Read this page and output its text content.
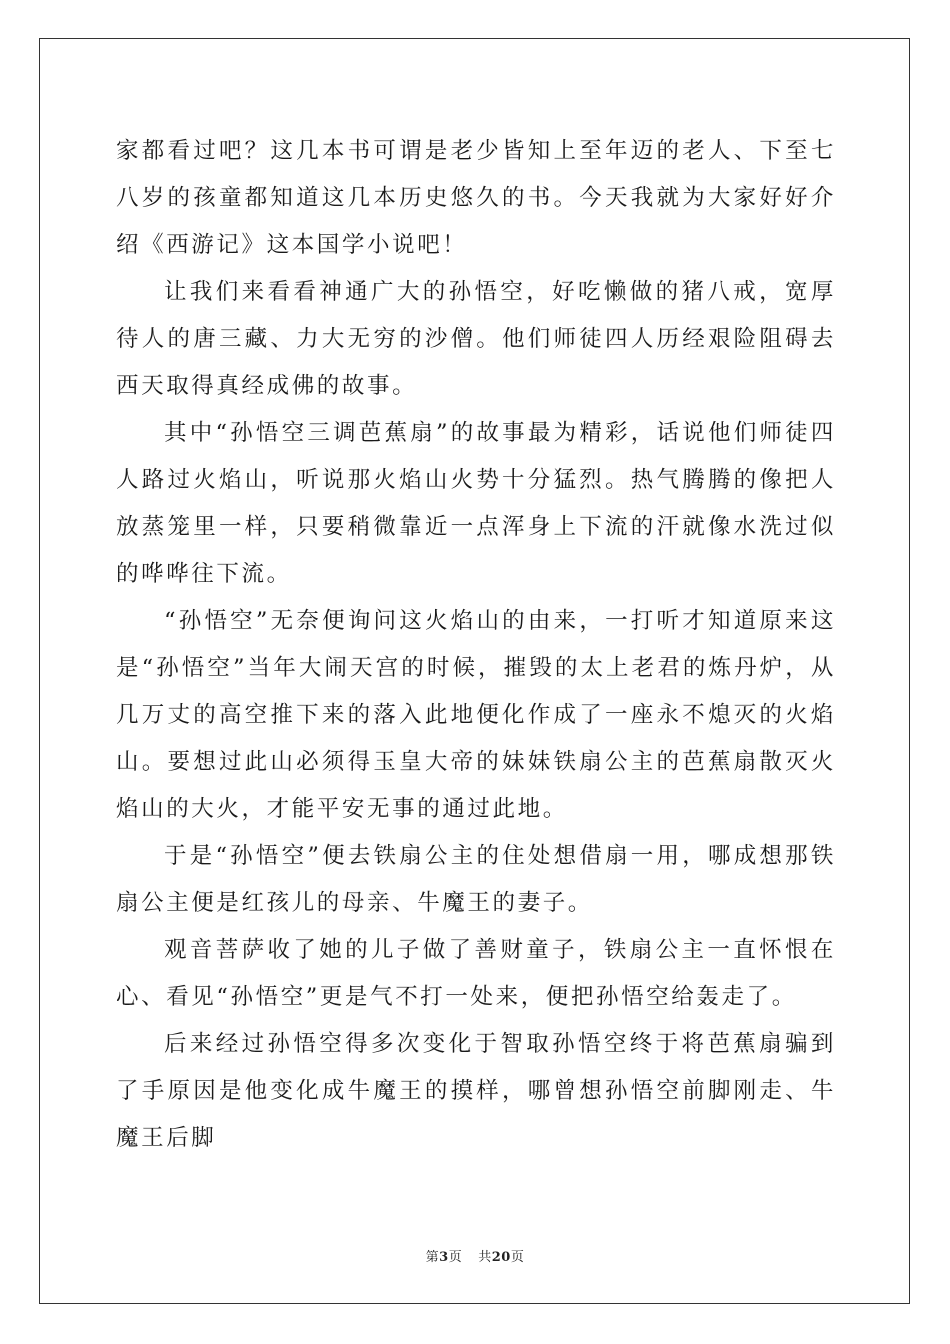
家都看过吧？这几本书可谓是老少皆知上至年迈的老人、下至七八岁的孩童都知道这几本历史悠久的书。今天我就为大家好好介绍《西游记》这本国学小说吧！

让我们来看看神通广大的孙悟空，好吃懒做的猪八戒，宽厚待人的唐三藏、力大无穷的沙僧。他们师徒四人历经艰险阻碍去西天取得真经成佛的故事。

其中“孙悟空三调芭蕉扇”的故事最为精彩，话说他们师徒四人路过火焰山，听说那火焰山火势十分猛烈。热气腾腾的像把人放蒸笼里一样，只要稍微靠近一点浑身上下流的汗就像水洗过似的哗哗往下流。

“孙悟空”无奈便询问这火焰山的由来，一打听才知道原来这是“孙悟空”当年大闹天宫的时候，摧毁的太上老君的炼丹炉，从几万丈的高空推下来的落入此地便化作成了一座永不熄灭的火焰山。要想过此山必须得玉皇大帝的妹妹铁扇公主的芭蕉扇散灭火焰山的大火，才能平安无事的通过此地。

于是“孙悟空”便去铁扇公主的住处想借扇一用，哪成想那铁扇公主便是红孩儿的母亲、牛魔王的妻子。

观音菩萨收了她的儿子做了善财童子，铁扇公主一直怀恨在心、看见“孙悟空”更是气不打一处来，便把孙悟空给轰走了。

后来经过孙悟空得多次变化于智取孙悟空终于将芭蕉扇骗到了手原因是他变化成牛魔王的摸样，哪曾想孙悟空前脚刚走、牛魔王后脚

第3页 共20页
